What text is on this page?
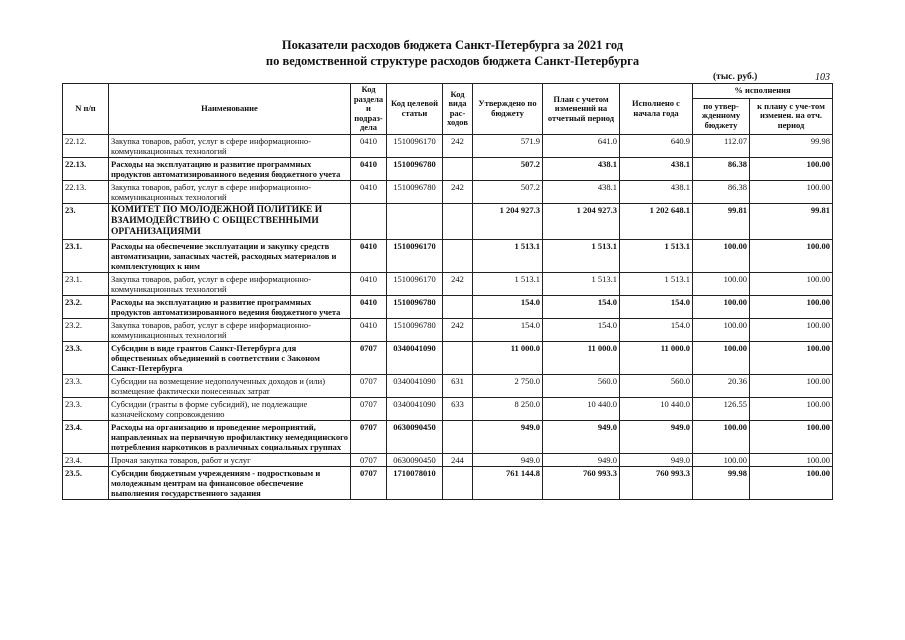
Показатели расходов бюджета Санкт-Петербурга за 2021 год
по ведомственной структуре расходов бюджета Санкт-Петербурга
(тыс. руб.)	103
N п/п	Наименование	Код раздела и подраз-дела	Код целевой статьи	Код вида рас-ходов	Утверждено по бюджету	План с учетом изменений на отчетный период	Исполнено с начала года	% исполнения	
								по утвер-жденному бюджету	к плану с уче-том изменен. на отч. период
22.12.	Закупка товаров, работ, услуг в сфере информационно-коммуникационных технологий	0410	1510096170	242	571.9	641.0	640.9	112.07	99.98
22.13.	Расходы на эксплуатацию и развитие программных продуктов автоматизированного ведения бюджетного учета	0410	1510096780		507.2	438.1	438.1	86.38	100.00
22.13.	Закупка товаров, работ, услуг в сфере информационно-коммуникационных технологий	0410	1510096780	242	507.2	438.1	438.1	86.38	100.00
23.	КОМИТЕТ ПО МОЛОДЕЖНОЙ ПОЛИТИКЕ И ВЗАИМОДЕЙСТВИЮ С ОБЩЕСТВЕННЫМИ ОРГАНИЗАЦИЯМИ				1 204 927.3	1 204 927.3	1 202 648.1	99.81	99.81
23.1.	Расходы на обеспечение эксплуатации и закупку средств автоматизации, запасных частей, расходных материалов и комплектующих к ним	0410	1510096170		1 513.1	1 513.1	1 513.1	100.00	100.00
23.1.	Закупка товаров, работ, услуг в сфере информационно-коммуникационных технологий	0410	1510096170	242	1 513.1	1 513.1	1 513.1	100.00	100.00
23.2.	Расходы на эксплуатацию и развитие программных продуктов автоматизированного ведения бюджетного учета	0410	1510096780		154.0	154.0	154.0	100.00	100.00
23.2.	Закупка товаров, работ, услуг в сфере информационно-коммуникационных технологий	0410	1510096780	242	154.0	154.0	154.0	100.00	100.00
23.3.	Субсидии в виде грантов Санкт-Петербурга для общественных объединений в соответствии с Законом Санкт-Петербурга	0707	0340041090		11 000.0	11 000.0	11 000.0	100.00	100.00
23.3.	Субсидии на возмещение недополученных доходов и (или) возмещение фактически понесенных затрат	0707	0340041090	631	2 750.0	560.0	560.0	20.36	100.00
23.3.	Субсидии (гранты в форме субсидий), не подлежащие казначейскому сопровождению	0707	0340041090	633	8 250.0	10 440.0	10 440.0	126.55	100.00
23.4.	Расходы на организацию и проведение мероприятий, направленных на первичную профилактику немедицинского потребления наркотиков в различных социальных группах	0707	0630090450		949.0	949.0	949.0	100.00	100.00
23.4.	Прочая закупка товаров, работ и услуг	0707	0630090450	244	949.0	949.0	949.0	100.00	100.00
23.5.	Субсидии бюджетным учреждениям - подростковым и молодежным центрам на финансовое обеспечение выполнения государственного задания	0707	1710078010		761 144.8	760 993.3	760 993.3	99.98	100.00
